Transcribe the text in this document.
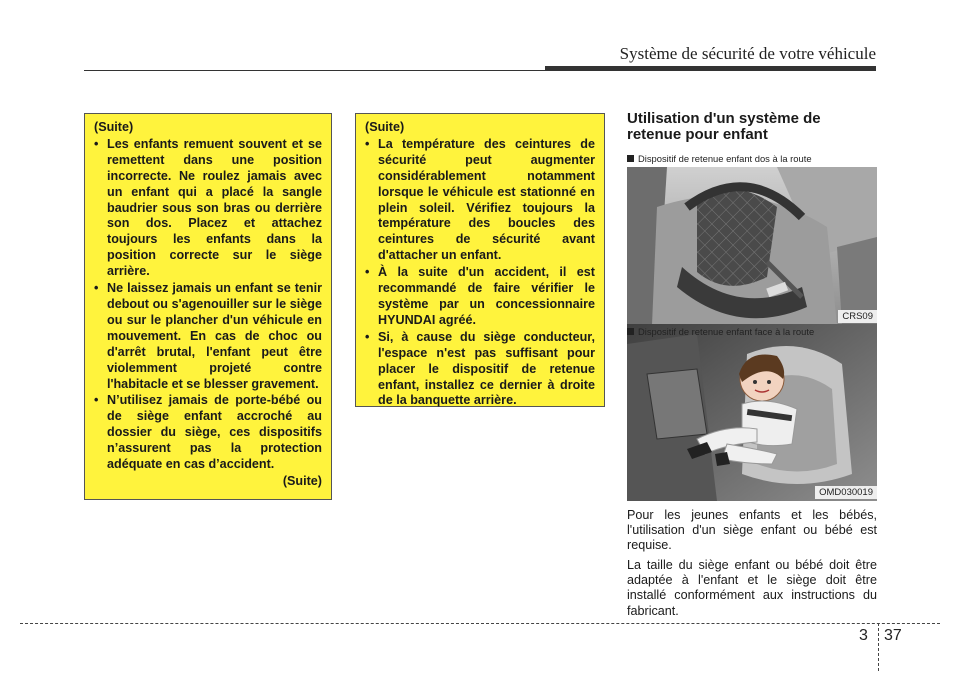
Système de sécurité de votre véhicule
(Suite)
• Les enfants remuent souvent et se remettent dans une position incorrecte. Ne roulez jamais avec un enfant qui a placé la sangle baudrier sous son bras ou derrière son dos. Placez et attachez toujours les enfants dans la position correcte sur le siège arrière.
• Ne laissez jamais un enfant se tenir debout ou s'agenouiller sur le siège ou sur le plancher d'un véhicule en mouvement. En cas de choc ou d'arrêt brutal, l'enfant peut être violemment projeté contre l'habitacle et se blesser gravement.
• N’utilisez jamais de porte-bébé ou de siège enfant accroché au dossier du siège, ces dispositifs n’assurent pas la protection adéquate en cas d’accident.
(Suite)
(Suite)
• La température des ceintures de sécurité peut augmenter considérablement notamment lorsque le véhicule est stationné en plein soleil. Vérifiez toujours la température des boucles des ceintures de sécurité avant d'attacher un enfant.
• À la suite d'un accident, il est recommandé de faire vérifier le système par un concessionnaire HYUNDAI agréé.
• Si, à cause du siège conducteur, l'espace n'est pas suffisant pour placer le dispositif de retenue enfant, installez ce dernier à droite de la banquette arrière.
Utilisation d'un système de retenue pour enfant
Dispositif de retenue enfant dos à la route
CRS09
OMD030019
Dispositif de retenue enfant face à la route

Pour les jeunes enfants et les bébés, l'utilisation d'un siège enfant ou bébé est requise.

La taille du siège enfant ou bébé doit être adaptée à l'enfant et le siège doit être installé conformément aux instructions du fabricant.

3 37
